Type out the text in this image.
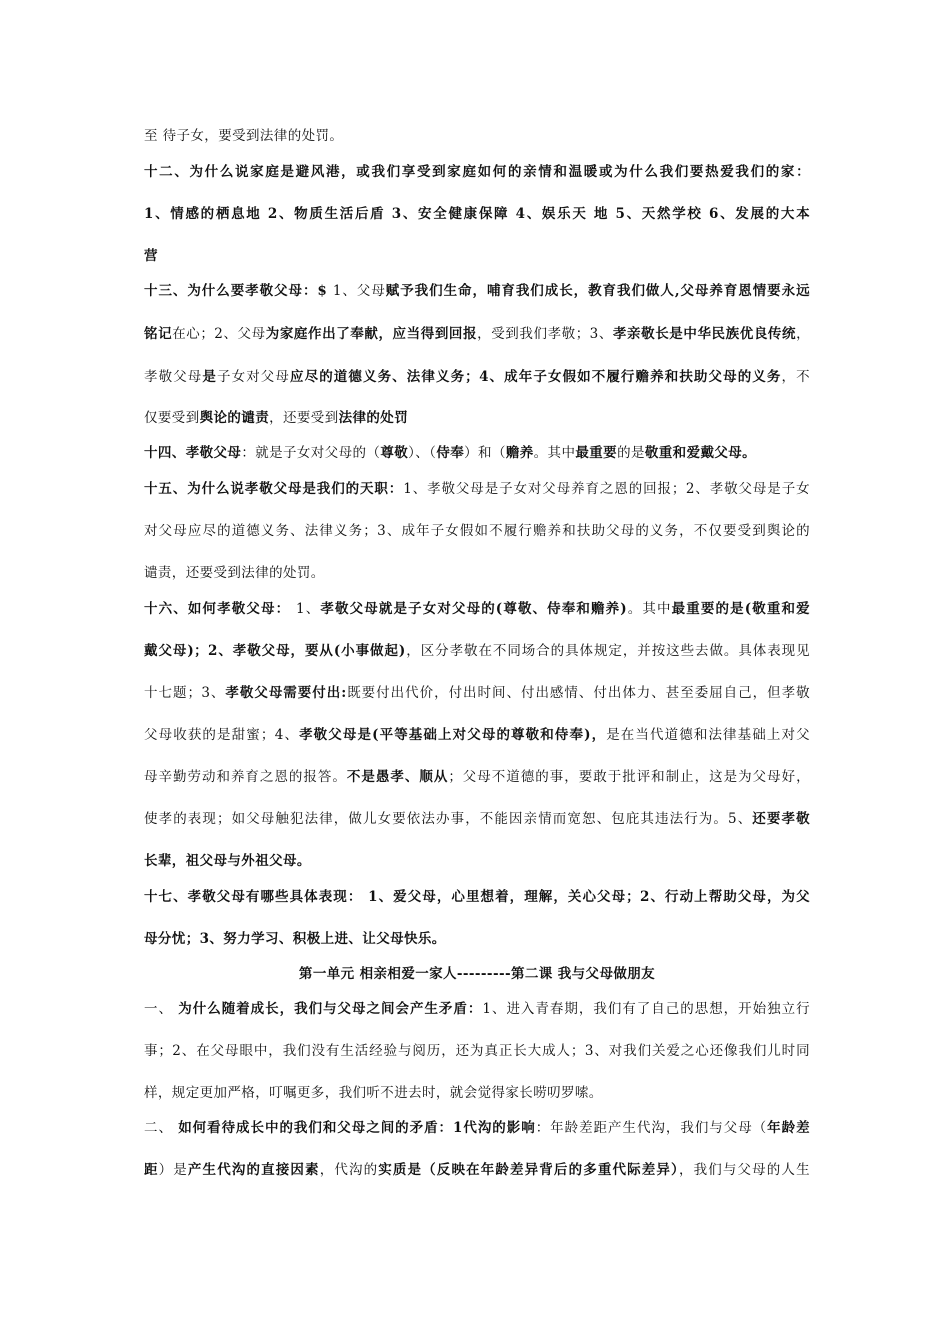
至 待子女，要受到法律的处罚。
十二、为什么说家庭是避风港，或我们享受到家庭如何的亲情和温暖或为什么我们要热爱我们的家：
1、情感的栖息地 2、物质生活后盾 3、安全健康保障 4、娱乐天 地 5、天然学校 6、发展的大本
营
十三、为什么要孝敬父母：$ 1、父母赋予我们生命，哺育我们成长，教育我们做人,父母养育恩情要永远
铭记在心；2、父母为家庭作出了奉献，应当得到回报，受到我们孝敬；3、孝亲敬长是中华民族优良传统，
孝敬父母是子女对父母应尽的道德义务、法律义务；4、成年子女假如不履行赡养和扶助父母的义务，不
仅要受到舆论的谴责，还要受到法律的处罚
十四、孝敬父母：就是子女对父母的（尊敬）、（侍奉）和（赡养。其中最重要的是敬重和爱戴父母。
十五、为什么说孝敬父母是我们的天职：1、孝敬父母是子女对父母养育之恩的回报；2、孝敬父母是子女
对父母应尽的道德义务、法律义务；3、成年子女假如不履行赡养和扶助父母的义务，不仅要受到舆论的
谴责，还要受到法律的处罚。
十六、如何孝敬父母： 1、孝敬父母就是子女对父母的(尊敬、侍奉和赡养)。其中最重要的是(敬重和爱
戴父母)；2、孝敬父母，要从(小事做起)，区分孝敬在不同场合的具体规定，并按这些去做。具体表现见
十七题；3、孝敬父母需要付出:既要付出代价，付出时间、付出感情、付出体力、甚至委屈自己，但孝敬
父母收获的是甜蜜；4、孝敬父母是(平等基础上对父母的尊敬和侍奉)，是在当代道德和法律基础上对父
母辛勤劳动和养育之恩的报答。不是愚孝、顺从；父母不道德的事，要敢于批评和制止，这是为父母好，
使孝的表现；如父母触犯法律，做儿女要依法办事，不能因亲情而宽恕、包庇其违法行为。5、还要孝敬
长辈，祖父母与外祖父母。
十七、孝敬父母有哪些具体表现： 1、爱父母，心里想着，理解，关心父母；2、行动上帮助父母，为父
母分忧；3、努力学习、积极上进、让父母快乐。
第一单元 相亲相爱一家人---------第二课 我与父母做朋友
一、 为什么随着成长，我们与父母之间会产生矛盾：1、进入青春期，我们有了自己的思想，开始独立行
事；2、在父母眼中，我们没有生活经验与阅历，还为真正长大成人；3、对我们关爱之心还像我们儿时同
样，规定更加严格，叮嘱更多，我们听不进去时，就会觉得家长唠叨罗嗦。
二、 如何看待成长中的我们和父母之间的矛盾：1代沟的影响：年龄差距产生代沟，我们与父母（年龄差
距）是产生代沟的直接因素，代沟的实质是（反映在年龄差异背后的多重代际差异），我们与父母的人生
